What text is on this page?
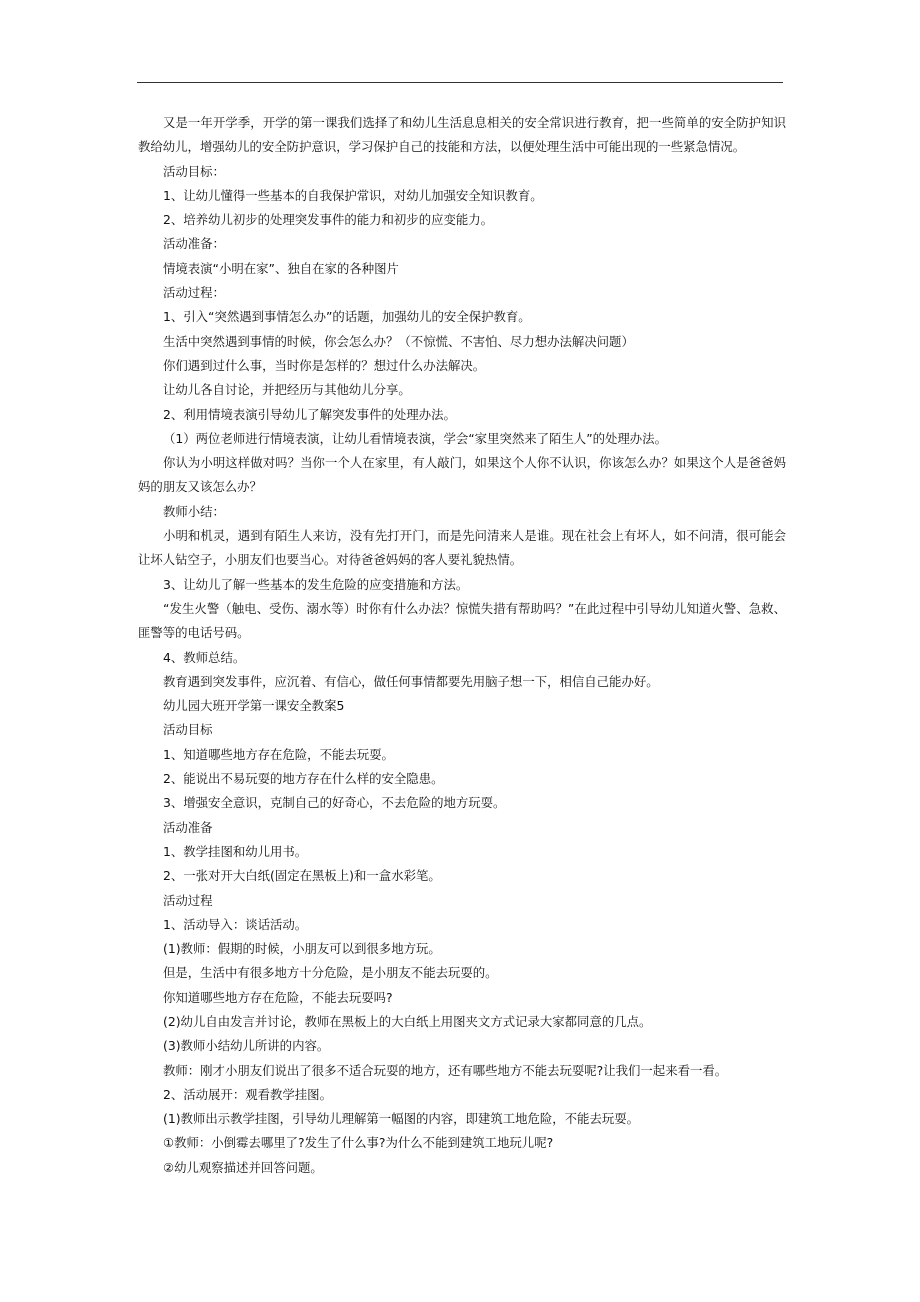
又是一年开学季，开学的第一课我们选择了和幼儿生活息息相关的安全常识进行教育，把一些简单的安全防护知识教给幼儿，增强幼儿的安全防护意识，学习保护自己的技能和方法，以便处理生活中可能出现的一些紧急情况。

活动目标：

1、让幼儿懂得一些基本的自我保护常识，对幼儿加强安全知识教育。

2、培养幼儿初步的处理突发事件的能力和初步的应变能力。

活动准备：

情境表演“小明在家”、独自在家的各种图片

活动过程：

1、引入“突然遇到事情怎么办”的话题，加强幼儿的安全保护教育。

生活中突然遇到事情的时候，你会怎么办？（不惊慌、不害怕、尽力想办法解决问题）

你们遇到过什么事，当时你是怎样的？想过什么办法解决。

让幼儿各自讨论，并把经历与其他幼儿分享。

2、利用情境表演引导幼儿了解突发事件的处理办法。

（1）两位老师进行情境表演，让幼儿看情境表演，学会“家里突然来了陌生人”的处理办法。

你认为小明这样做对吗？当你一个人在家里，有人敲门，如果这个人你不认识，你该怎么办？如果这个人是爸爸妈妈的朋友又该怎么办？

教师小结：

小明和机灵，遇到有陌生人来访，没有先打开门，而是先问清来人是谁。现在社会上有坏人，如不问清，很可能会让坏人钻空子，小朋友们也要当心。对待爸爸妈妈的客人要礼貌热情。

3、让幼儿了解一些基本的发生危险的应变措施和方法。

“发生火警（触电、受伤、溺水等）时你有什么办法？惊慌失措有帮助吗？”在此过程中引导幼儿知道火警、急救、匪警等的电话号码。

4、教师总结。

教育遇到突发事件，应沉着、有信心，做任何事情都要先用脑子想一下，相信自己能办好。

幼儿园大班开学第一课安全教案5

活动目标

1、知道哪些地方存在危险，不能去玩耍。

2、能说出不易玩耍的地方存在什么样的安全隐患。

3、增强安全意识，克制自己的好奇心，不去危险的地方玩耍。

活动准备

1、教学挂图和幼儿用书。

2、一张对开大白纸(固定在黑板上)和一盒水彩笔。

活动过程

1、活动导入：谈话活动。

(1)教师：假期的时候，小朋友可以到很多地方玩。

但是，生活中有很多地方十分危险，是小朋友不能去玩耍的。

你知道哪些地方存在危险，不能去玩耍吗?

(2)幼儿自由发言并讨论，教师在黑板上的大白纸上用图夹文方式记录大家都同意的几点。

(3)教师小结幼儿所讲的内容。

教师：刚才小朋友们说出了很多不适合玩耍的地方，还有哪些地方不能去玩耍呢?让我们一起来看一看。

2、活动展开：观看教学挂图。

(1)教师出示教学挂图，引导幼儿理解第一幅图的内容，即建筑工地危险，不能去玩耍。

①教师：小倒霉去哪里了?发生了什么事?为什么不能到建筑工地玩儿呢?

②幼儿观察描述并回答问题。
